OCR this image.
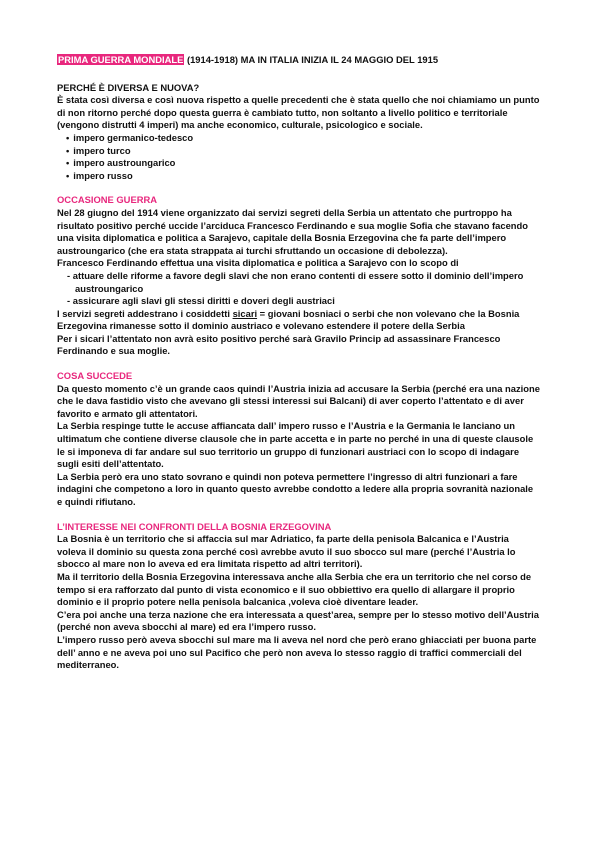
PRIMA GUERRA MONDIALE (1914-1918) MA IN ITALIA INIZIA IL 24 MAGGIO DEL 1915

PERCHÉ È DIVERSA E NUOVA?

È stata così diversa e così nuova rispetto a quelle precedenti che è stata quello che noi chiamiamo un punto di non ritorno perché dopo questa guerra è cambiato tutto, non soltanto a livello politico e territoriale (vengono distrutti 4 imperi) ma anche economico, culturale, psicologico e sociale.

• impero germanico-tedesco
• impero turco
• impero austroungarico
• impero russo

OCCASIONE GUERRA

Nel 28 giugno del 1914 viene organizzato dai servizi segreti della Serbia un attentato che purtroppo ha risultato positivo perché uccide l’arciduca Francesco Ferdinando e sua moglie Sofia che stavano facendo una visita diplomatica e politica a Sarajevo, capitale della Bosnia Erzegovina che fa parte dell’impero austroungarico (che era stata strappata ai turchi sfruttando un occasione di debolezza).

Francesco Ferdinando effettua una visita diplomatica e politica a Sarajevo con lo scopo di

- attuare delle riforme a favore degli slavi che non erano contenti di essere sotto il dominio dell’impero austroungarico
- assicurare agli slavi gli stessi diritti e doveri degli austriaci

I servizi segreti addestrano i cosiddetti sicari = giovani bosniaci o serbi che non volevano che la Bosnia Erzegovina rimanesse sotto il dominio austriaco e volevano estendere il potere della Serbia

Per i sicari l’attentato non avrà esito positivo perché sarà Gravilo Princip ad assassinare Francesco Ferdinando e sua moglie.

COSA SUCCEDE

Da questo momento c’è un grande caos quindi l’Austria inizia ad accusare la Serbia (perché era una nazione che le dava fastidio visto che avevano gli stessi interessi sui Balcani) di aver coperto l’attentato e di aver favorito e armato gli attentatori.

La Serbia respinge tutte le accuse affiancata dall’ impero russo e l’Austria e la Germania le lanciano un ultimatum che contiene diverse clausole che in parte accetta e in parte no perché in una di queste clausole le si imponeva di far andare sul suo territorio un gruppo di funzionari austriaci con lo scopo di indagare sugli esiti dell’attentato.

La Serbia però era uno stato sovrano e quindi non poteva permettere l’ingresso di altri funzionari a fare indagini che competono a loro in quanto questo avrebbe condotto a ledere alla propria sovranità nazionale e quindi rifiutano.

L’INTERESSE NEI CONFRONTI DELLA BOSNIA ERZEGOVINA

La Bosnia è un territorio che si affaccia sul mar Adriatico, fa parte della penisola Balcanica e l’Austria voleva il dominio su questa zona perché così avrebbe avuto il suo sbocco sul mare (perché l’Austria lo sbocco al mare non lo aveva ed era limitata rispetto ad altri territori).

Ma il territorio della Bosnia Erzegovina interessava anche alla Serbia che era un territorio che nel corso de tempo si era rafforzato dal punto di vista economico e il suo obbiettivo era quello di allargare il proprio dominio e il proprio potere nella penisola balcanica ,voleva cioè diventare leader.

C’era poi anche una terza nazione che era interessata a quest’area, sempre per lo stesso motivo dell’Austria (perché non aveva sbocchi al mare) ed era l’impero russo.

L’impero russo però aveva sbocchi sul mare ma li aveva nel nord che però erano ghiacciati per buona parte dell’ anno e ne aveva poi uno sul Pacifico che però non aveva lo stesso raggio di traffici commerciali del mediterraneo.
